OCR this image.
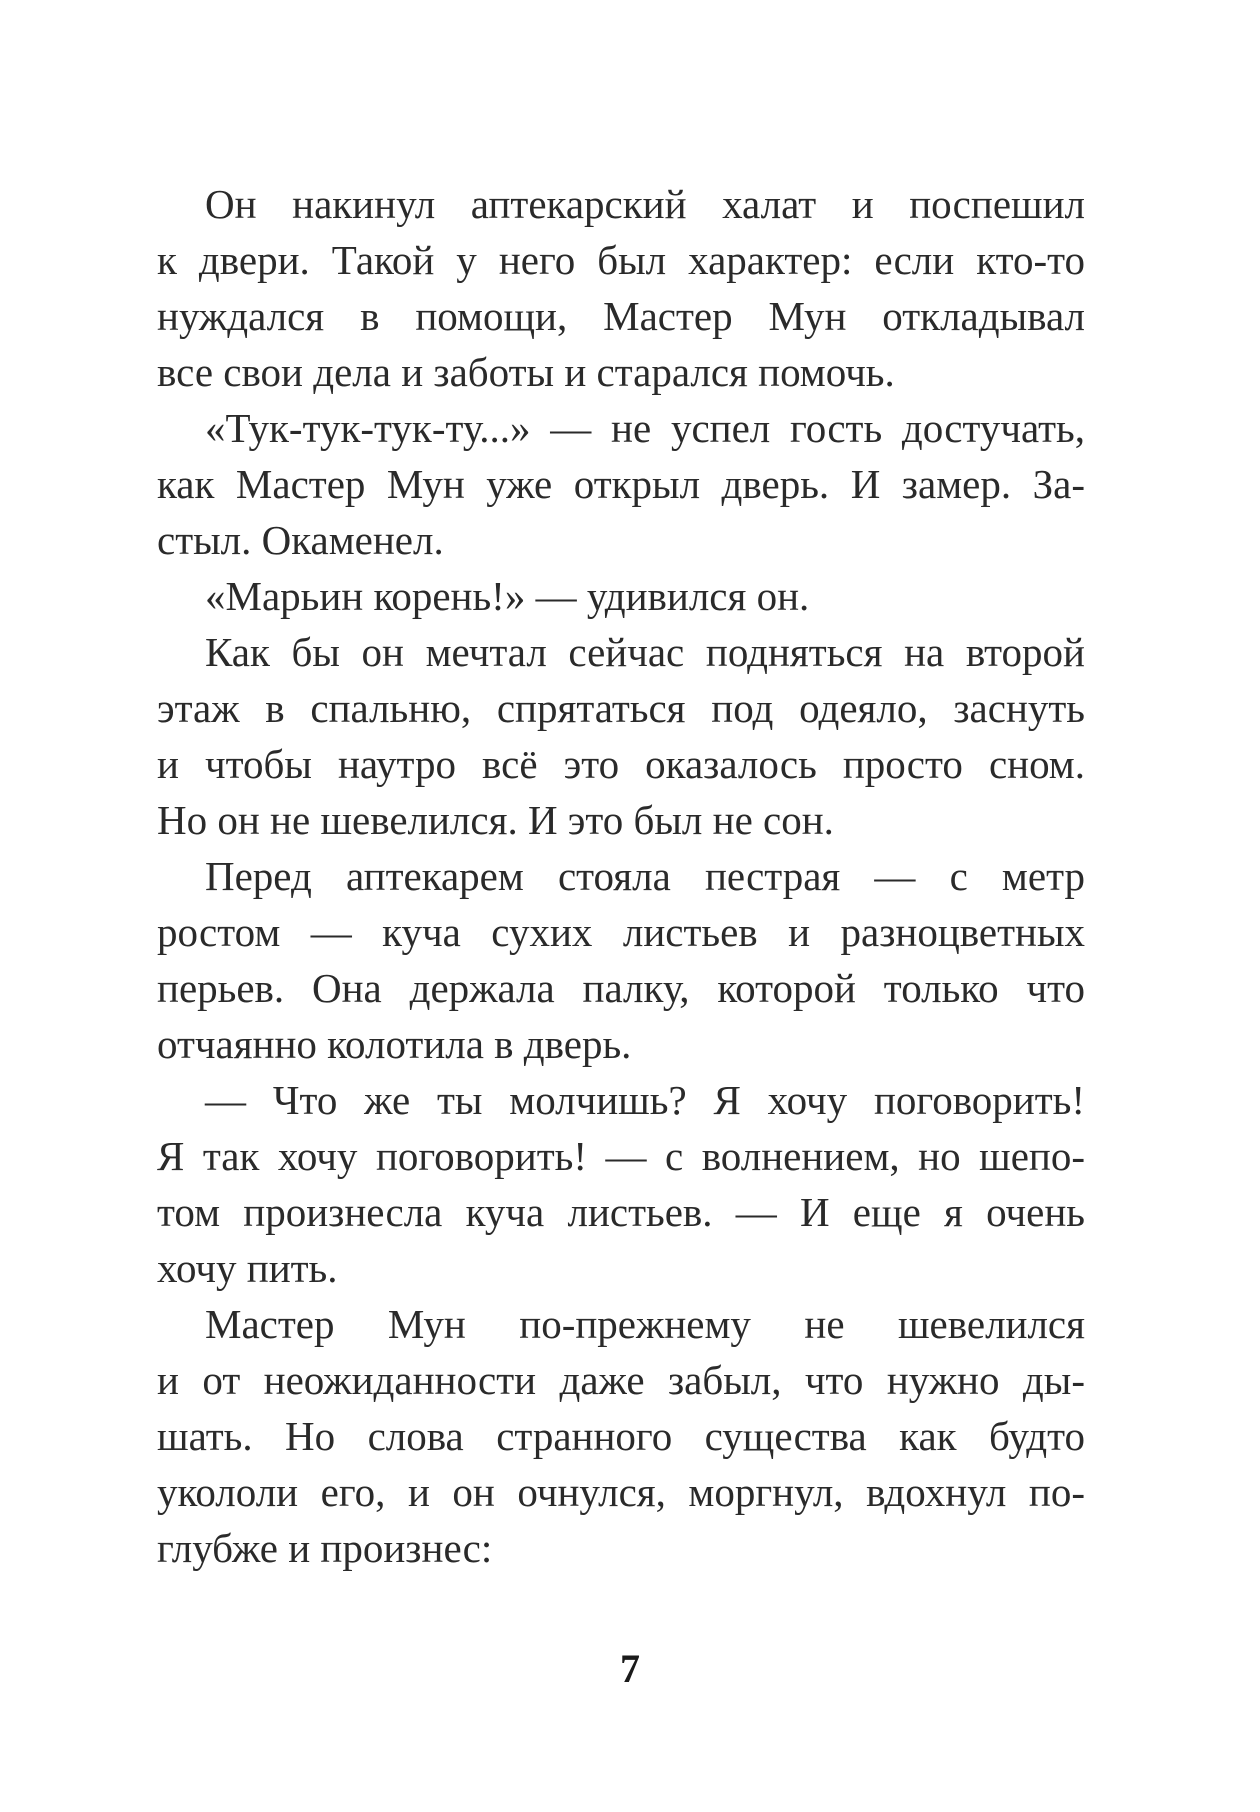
Он накинул аптекарский халат и поспешил
к двери. Такой у него был характер: если кто-то
нуждался в помощи, Мастер Мун откладывал
все свои дела и заботы и старался помочь.
«Тук-тук-тук-ту...» — не успел гость достучать,
как Мастер Мун уже открыл дверь. И замер. За-
стыл. Окаменел.
«Марьин корень!» — удивился он.
Как бы он мечтал сейчас подняться на второй
этаж в спальню, спрятаться под одеяло, заснуть
и чтобы наутро всё это оказалось просто сном.
Но он не шевелился. И это был не сон.
Перед аптекарем стояла пестрая — с метр
ростом — куча сухих листьев и разноцветных
перьев. Она держала палку, которой только что
отчаянно колотила в дверь.
— Что же ты молчишь? Я хочу поговорить!
Я так хочу поговорить! — с волнением, но шепо-
том произнесла куча листьев. — И еще я очень
хочу пить.
Мастер Мун по-прежнему не шевелился
и от неожиданности даже забыл, что нужно ды-
шать. Но слова странного существа как будто
укололи его, и он очнулся, моргнул, вдохнул по-
глубже и произнес:
7
